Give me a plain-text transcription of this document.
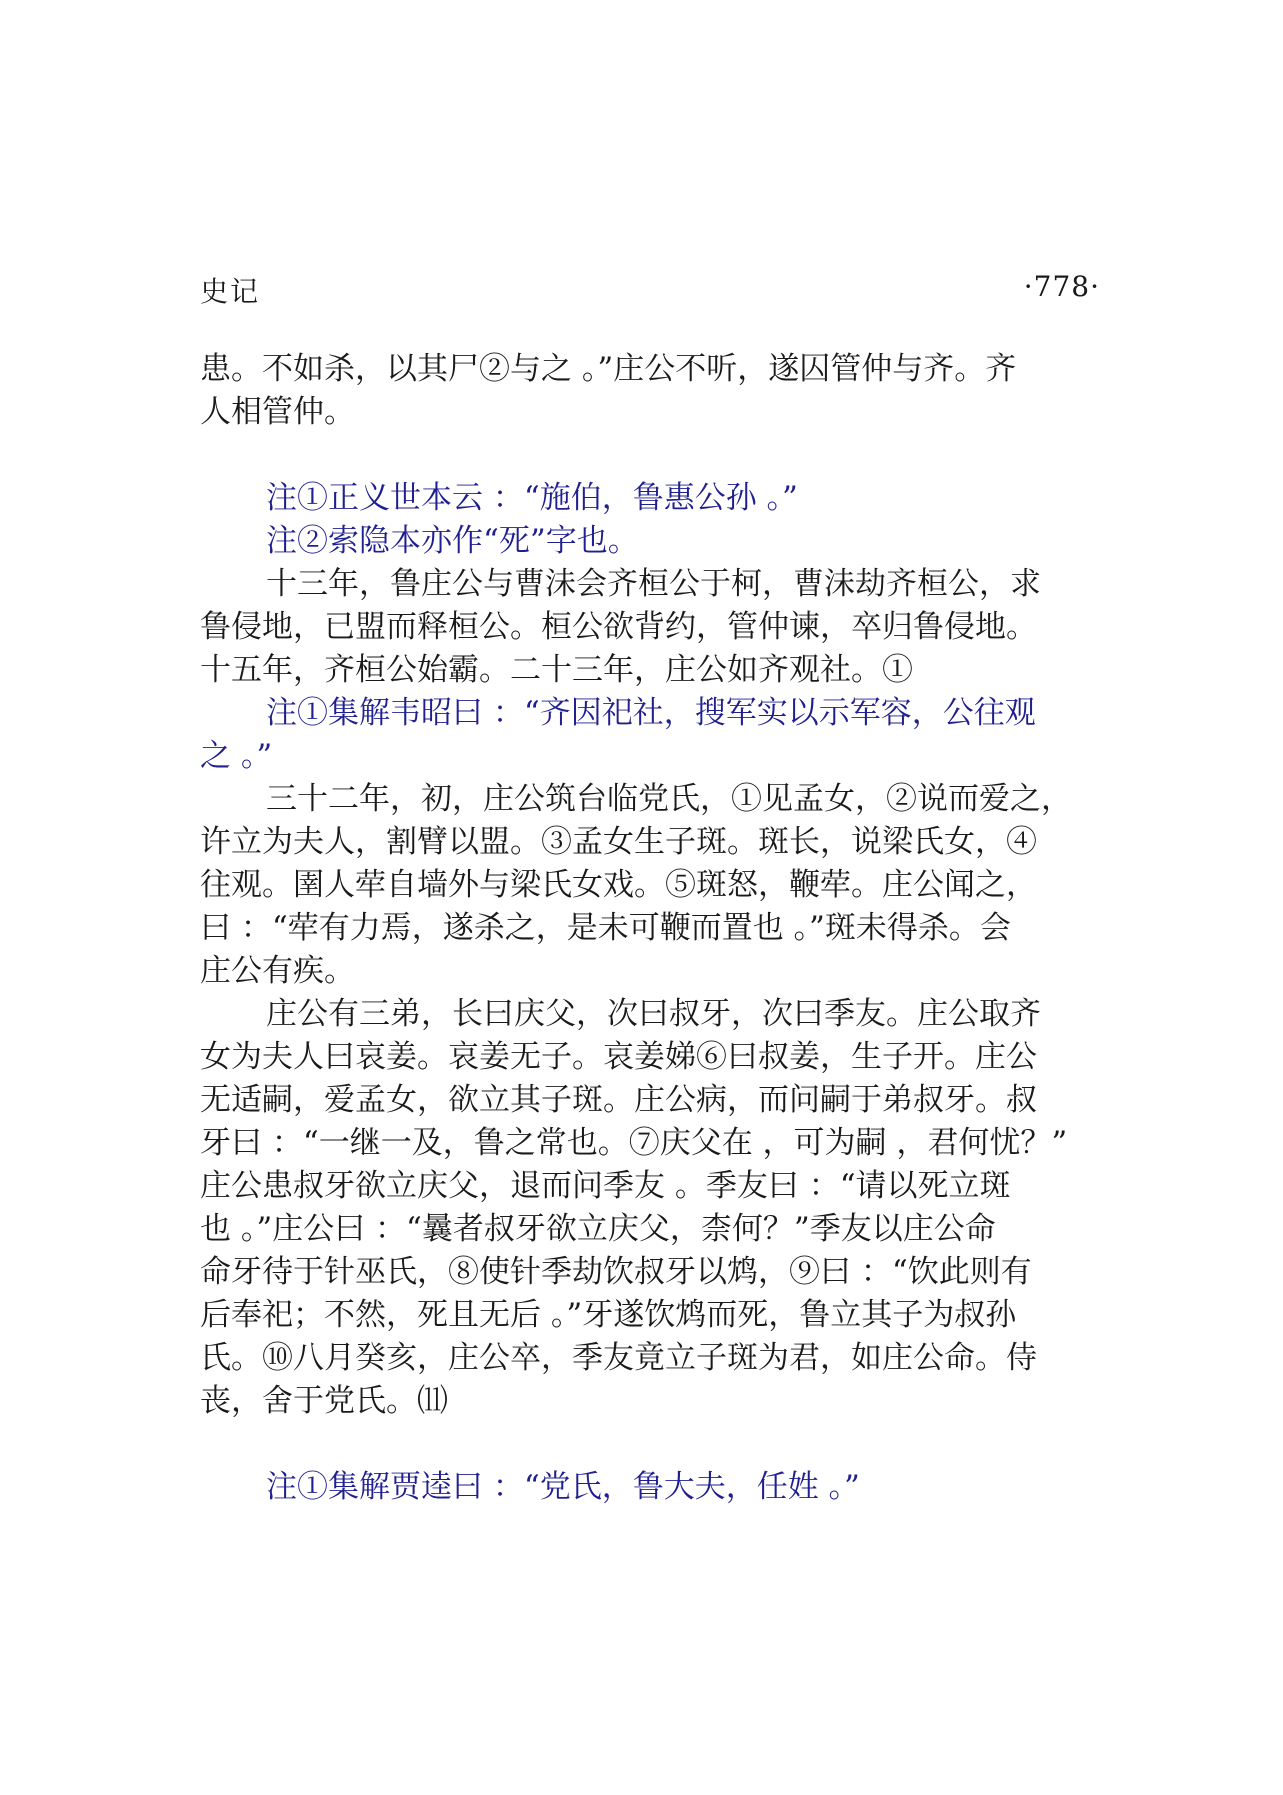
史记	·778·
患。不如杀，以其尸②与之 。”庄公不听，遂囚管仲与齐。齐
人相管仲。
注①正义世本云 ：“施伯，鲁惠公孙 。”
注②索隐本亦作“死”字也。
十三年，鲁庄公与曹沬会齐桓公于柯，曹沬劫齐桓公，求
鲁侵地，已盟而释桓公。桓公欲背约，管仲谏，卒归鲁侵地。
十五年，齐桓公始霸。二十三年，庄公如齐观社。①
注①集解韦昭曰 ：“齐因祀社，搜军实以示军容，公往观
之 。”
三十二年，初，庄公筑台临党氏，①见孟女，②说而爱之，
许立为夫人，割臂以盟。③孟女生子斑。斑长，说梁氏女，④
往观。圉人荦自墙外与梁氏女戏。⑤斑怒，鞭荦。庄公闻之，
曰 ：“荦有力焉，遂杀之，是未可鞭而置也 。”斑未得杀。会
庄公有疾。
庄公有三弟，长曰庆父，次曰叔牙，次曰季友。庄公取齐
女为夫人曰哀姜。哀姜无子。哀姜娣⑥曰叔姜，生子开。庄公
无适嗣，爱孟女，欲立其子斑。庄公病，而问嗣于弟叔牙。叔
牙曰 ：“一继一及，鲁之常也。⑦庆父在 ，可为嗣 ，君何忧？”
庄公患叔牙欲立庆父，退而问季友 。季友曰 ：“请以死立斑
也 。”庄公曰 ：“曩者叔牙欲立庆父，柰何？”季友以庄公命
命牙待于针巫氏，⑧使针季劫饮叔牙以鸩，⑨曰 ：“饮此则有
后奉祀；不然，死且无后 。”牙遂饮鸩而死，鲁立其子为叔孙
氏。⑩八月癸亥，庄公卒，季友竟立子斑为君，如庄公命。侍
丧，舍于党氏。⑾
注①集解贾逵曰 ：“党氏，鲁大夫，任姓 。”
